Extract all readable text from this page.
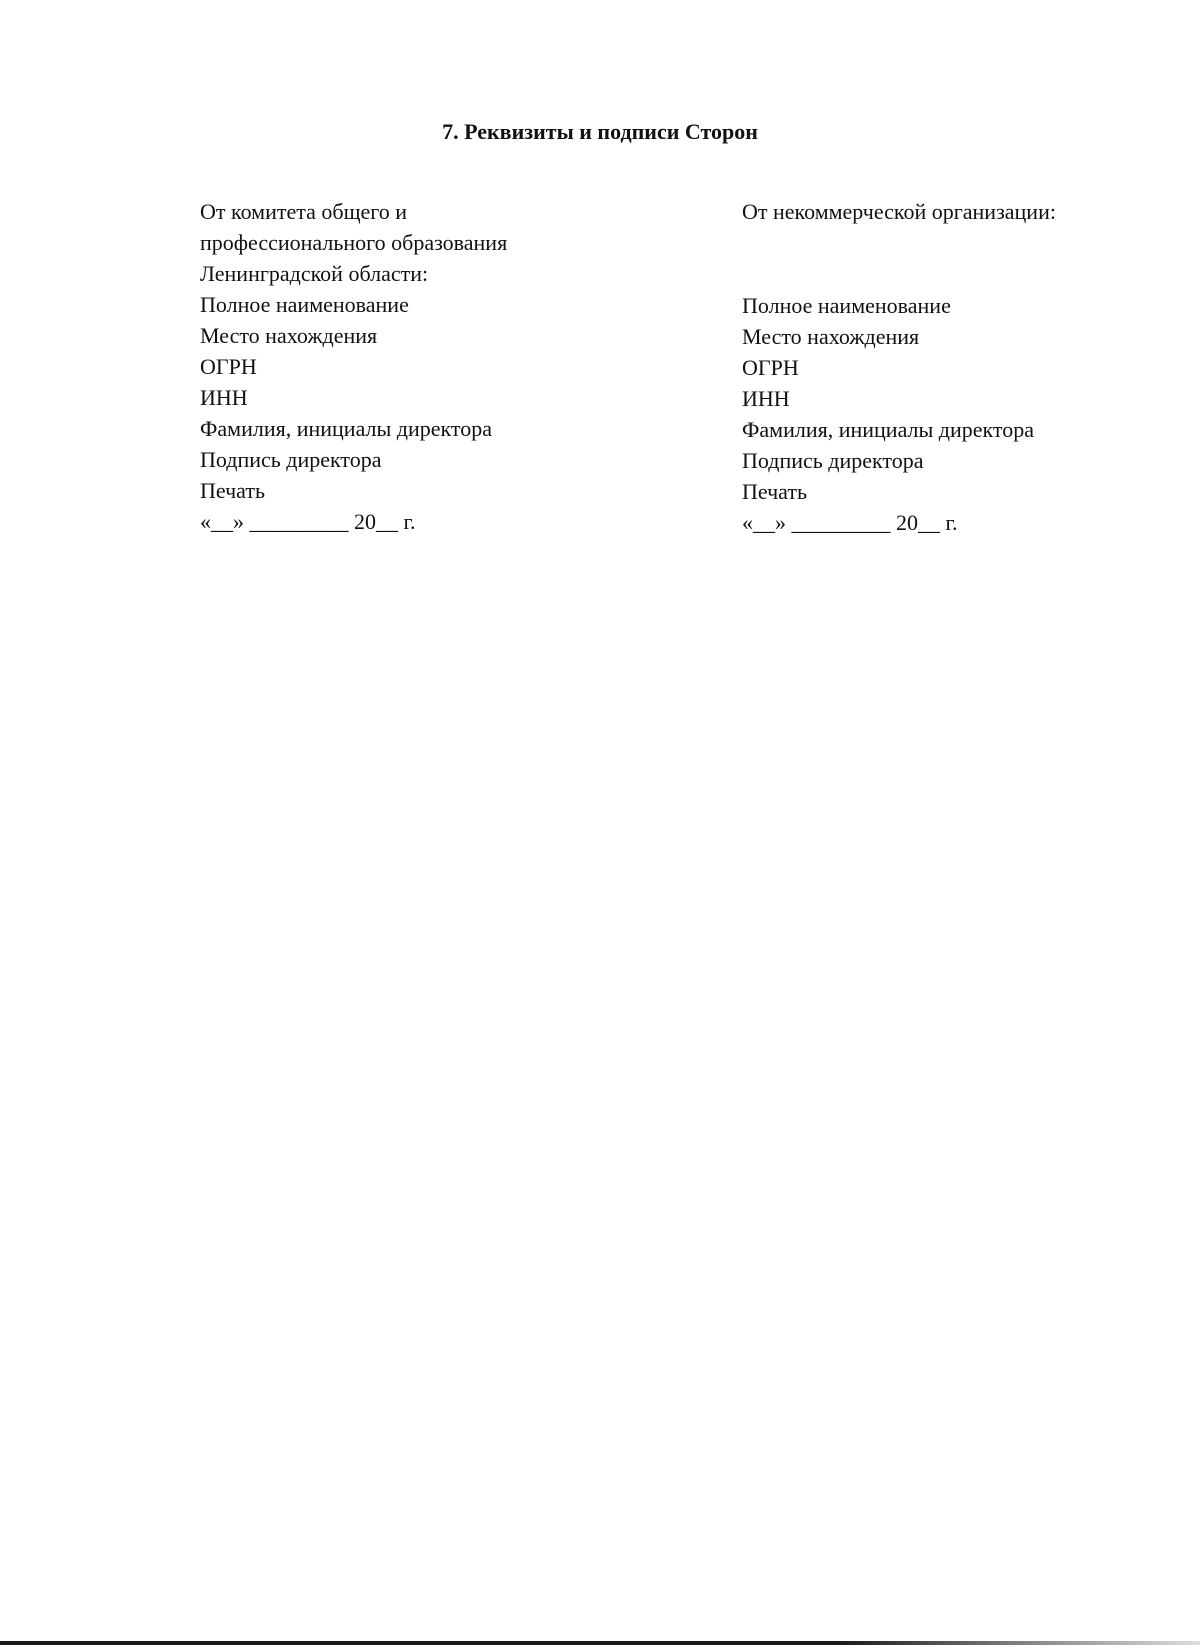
7. Реквизиты и подписи Сторон

От комитета общего и профессионального образования Ленинградской области:

Полное наименование
Место нахождения
ОГРН
ИНН
Фамилия, инициалы директора
Подпись директора
Печать
«__» _________ 20__ г.

От некоммерческой организации:

Полное наименование
Место нахождения
ОГРН
ИНН
Фамилия, инициалы директора
Подпись директора
Печать
«__» _________ 20__ г.
